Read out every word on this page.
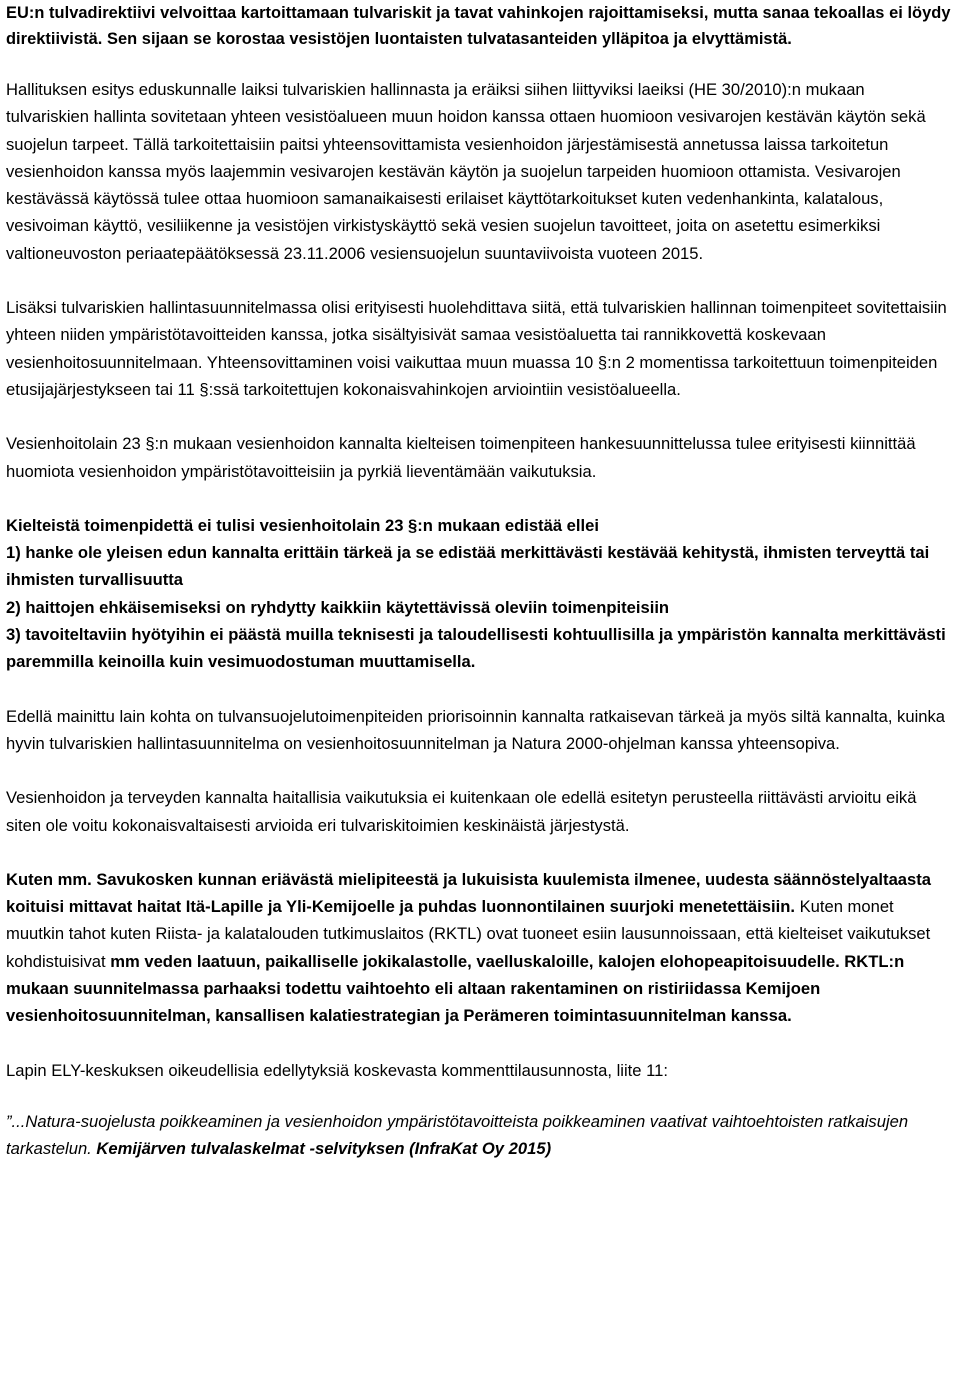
EU:n tulvadirektiivi velvoittaa kartoittamaan tulvariskit ja tavat vahinkojen rajoittamiseksi, mutta sanaa tekoallas ei löydy direktiivistä. Sen sijaan se korostaa vesistöjen luontaisten tulvatasanteiden ylläpitoa ja elvyttämistä.

Hallituksen esitys eduskunnalle laiksi tulvariskien hallinnasta ja eräiksi siihen liittyviksi laeiksi (HE 30/2010):n mukaan tulvariskien hallinta sovitetaan yhteen vesistöalueen muun hoidon kanssa ottaen huomioon vesivarojen kestävän käytön sekä suojelun tarpeet. Tällä tarkoitettaisiin paitsi yhteensovittamista vesienhoidon järjestämisestä annetussa laissa tarkoitetun vesienhoidon kanssa myös laajemmin vesivarojen kestävän käytön ja suojelun tarpeiden huomioon ottamista. Vesivarojen kestävässä käytössä tulee ottaa huomioon samanaikaisesti erilaiset käyttötarkoitukset kuten vedenhankinta, kalatalous, vesivoiman käyttö, vesiliikenne ja vesistöjen virkistyskäyttö sekä vesien suojelun tavoitteet, joita on asetettu esimerkiksi valtioneuvoston periaatepäätöksessä 23.11.2006 vesiensuojelun suuntaviivoista vuoteen 2015.

Lisäksi tulvariskien hallintasuunnitelmassa olisi erityisesti huolehdittava siitä, että tulvariskien hallinnan toimenpiteet sovitettaisiin yhteen niiden ympäristötavoitteiden kanssa, jotka sisältyisivät samaa vesistöaluetta tai rannikkovettä koskevaan vesienhoitosuunnitelmaan. Yhteensovittaminen voisi vaikuttaa muun muassa 10 §:n 2 momentissa tarkoitettuun toimenpiteiden etusijajärjestykseen tai 11 §:ssä tarkoitettujen kokonaisvahinkojen arviointiin vesistöalueella.

Vesienhoitolain 23 §:n mukaan vesienhoidon kannalta kielteisen toimenpiteen hankesuunnittelussa tulee erityisesti kiinnittää huomiota vesienhoidon ympäristötavoitteisiin ja pyrkiä lieventämään vaikutuksia.

Kielteistä toimenpidettä ei tulisi vesienhoitolain 23 §:n mukaan edistää ellei

1) hanke ole yleisen edun kannalta erittäin tärkeä ja se edistää merkittävästi kestävää kehitystä, ihmisten terveyttä tai ihmisten turvallisuutta

2) haittojen ehkäisemiseksi on ryhdytty kaikkiin käytettävissä oleviin toimenpiteisiin

3) tavoiteltaviin hyötyihin ei päästä muilla teknisesti ja taloudellisesti kohtuullisilla ja ympäristön kannalta merkittävästi paremmilla keinoilla kuin vesimuodostuman muuttamisella.

Edellä mainittu lain kohta on tulvansuojelutoimenpiteiden priorisoinnin kannalta ratkaisevan tärkeä ja myös siltä kannalta, kuinka hyvin tulvariskien hallintasuunnitelma on vesienhoitosuunnitelman ja Natura 2000-ohjelman kanssa yhteensopiva.

Vesienhoidon ja terveyden kannalta haitallisia vaikutuksia ei kuitenkaan ole edellä esitetyn perusteella riittävästi arvioitu eikä siten ole voitu kokonaisvaltaisesti arvioida eri tulvariskitoimien keskinäistä järjestystä.

Kuten mm. Savukosken kunnan eriävästä mielipiteestä ja lukuisista kuulemista ilmenee, uudesta säännöstelyaltaasta koituisi mittavat haitat Itä-Lapille ja Yli-Kemijoelle ja puhdas luonnontilainen suurjoki menetettäisiin. Kuten monet muutkin tahot kuten Riista- ja kalatalouden tutkimuslaitos (RKTL) ovat tuoneet esiin lausunnoissaan, että kielteiset vaikutukset kohdistuisivat mm veden laatuun, paikalliselle jokikalastolle, vaelluskaloille, kalojen elohopeapitoisuudelle. RKTL:n mukaan suunnitelmassa parhaaksi todettu vaihtoehto eli altaan rakentaminen on ristiriidassa Kemijoen vesienhoitosuunnitelman, kansallisen kalatiestrategian ja Perämeren toimintasuunnitelman kanssa.

Lapin ELY-keskuksen oikeudellisia edellytyksiä koskevasta kommenttilausunnosta, liite 11:

”...Natura-suojelusta poikkeaminen ja vesienhoidon ympäristötavoitteista poikkeaminen vaativat vaihtoehtoisten ratkaisujen tarkastelun. Kemijärven tulvalaskelmat -selvityksen (InfraKat Oy 2015)
